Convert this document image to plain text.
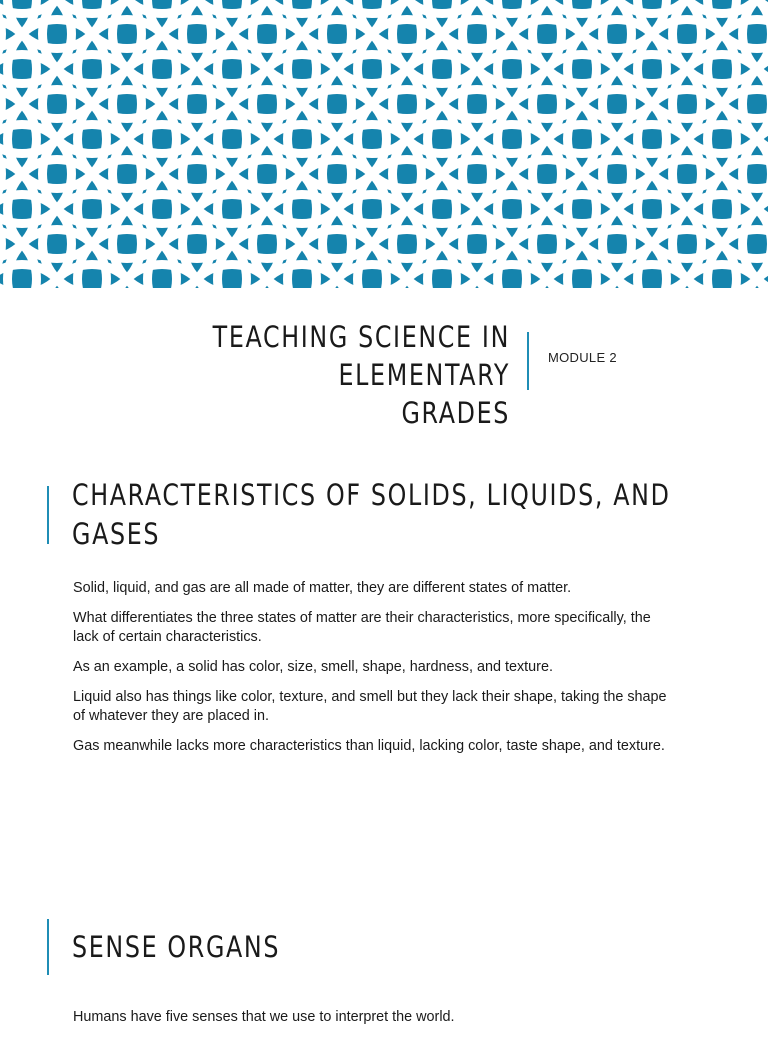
TEACHING SCIENCE IN ELEMENTARY
GRADES
MODULE 2
CHARACTERISTICS OF SOLIDS, LIQUIDS, AND
GASES

Solid, liquid, and gas are all made of matter, they are different states of matter.

What differentiates the three states of matter are their characteristics, more specifically, the lack of certain characteristics.

As an example, a solid has color, size, smell, shape, hardness, and texture.

Liquid also has things like color, texture, and smell but they lack their shape, taking the shape of whatever they are placed in.

Gas meanwhile lacks more characteristics than liquid, lacking color, taste shape, and texture.

SENSE ORGANS

Humans have five senses that we use to interpret the world.
